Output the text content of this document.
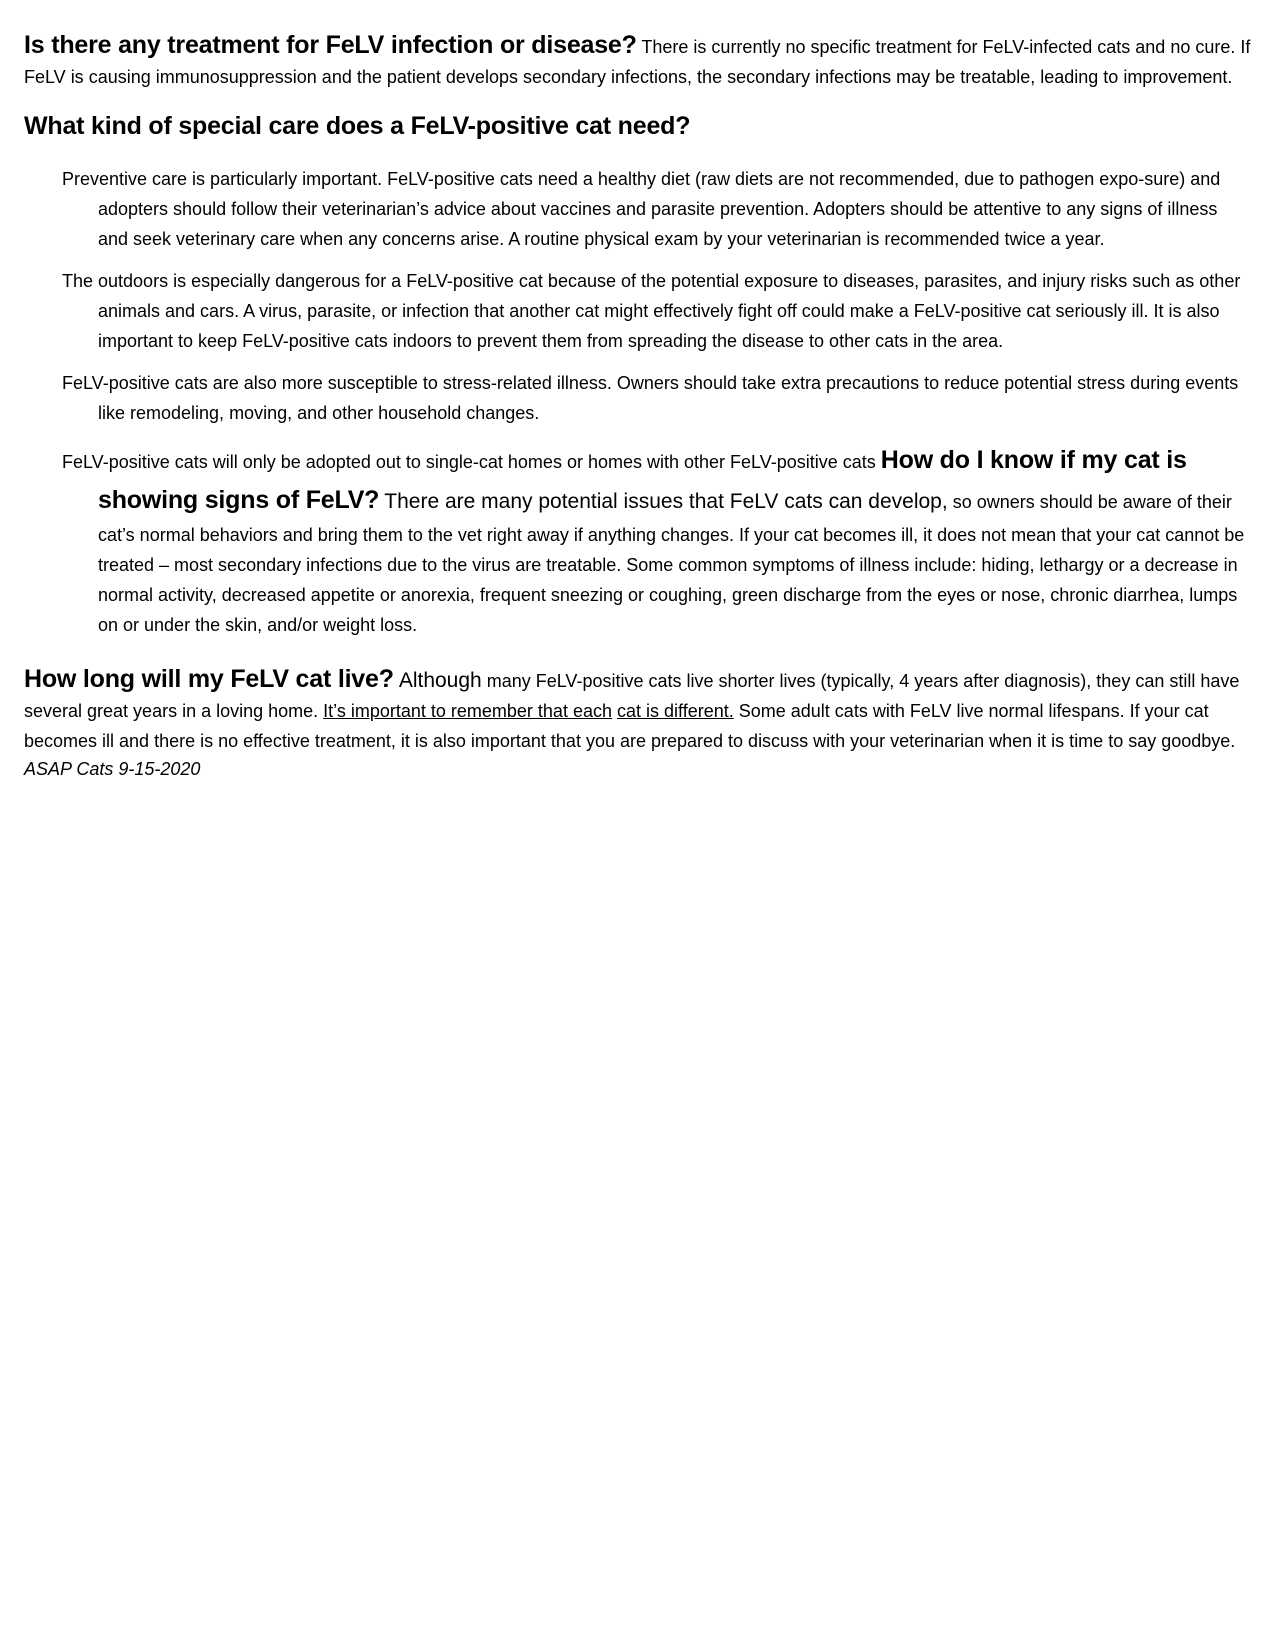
Is there any treatment for FeLV infection or disease? There is currently no specific treatment for FeLV-infected cats and no cure. If FeLV is causing immunosuppression and the patient develops secondary infections, the secondary infections may be treatable, leading to improvement.

What kind of special care does a FeLV-positive cat need?

Preventive care is particularly important. FeLV-positive cats need a healthy diet (raw diets are not recommended, due to pathogen expo-sure) and adopters should follow their veterinarian’s advice about vaccines and parasite prevention. Adopters should be attentive to any signs of illness and seek veterinary care when any concerns arise. A routine physical exam by your veterinarian is recommended twice a year.

The outdoors is especially dangerous for a FeLV-positive cat because of the potential exposure to diseases, parasites, and injury risks such as other animals and cars. A virus, parasite, or infection that another cat might effectively fight off could make a FeLV-positive cat seriously ill. It is also important to keep FeLV-positive cats indoors to prevent them from spreading the disease to other cats in the area.

FeLV-positive cats are also more susceptible to stress-related illness. Owners should take extra precautions to reduce potential stress during events like remodeling, moving, and other household changes.

FeLV-positive cats will only be adopted out to single-cat homes or homes with other FeLV-positive cats How do I know if my cat is showing signs of FeLV? There are many potential issues that FeLV cats can develop, so owners should be aware of their cat’s normal behaviors and bring them to the vet right away if anything changes. If your cat becomes ill, it does not mean that your cat cannot be treated – most secondary infections due to the virus are treatable. Some common symptoms of illness include: hiding, lethargy or a decrease in normal activity, decreased appetite or anorexia, frequent sneezing or coughing, green discharge from the eyes or nose, chronic diarrhea, lumps on or under the skin, and/or weight loss.

How long will my FeLV cat live? Although many FeLV-positive cats live shorter lives (typically, 4 years after diagnosis), they can still have several great years in a loving home. It’s important to remember that each cat is different. Some adult cats with FeLV live normal lifespans. If your cat becomes ill and there is no effective treatment, it is also important that you are prepared to discuss with your veterinarian when it is time to say goodbye.

ASAP Cats 9-15-2020
